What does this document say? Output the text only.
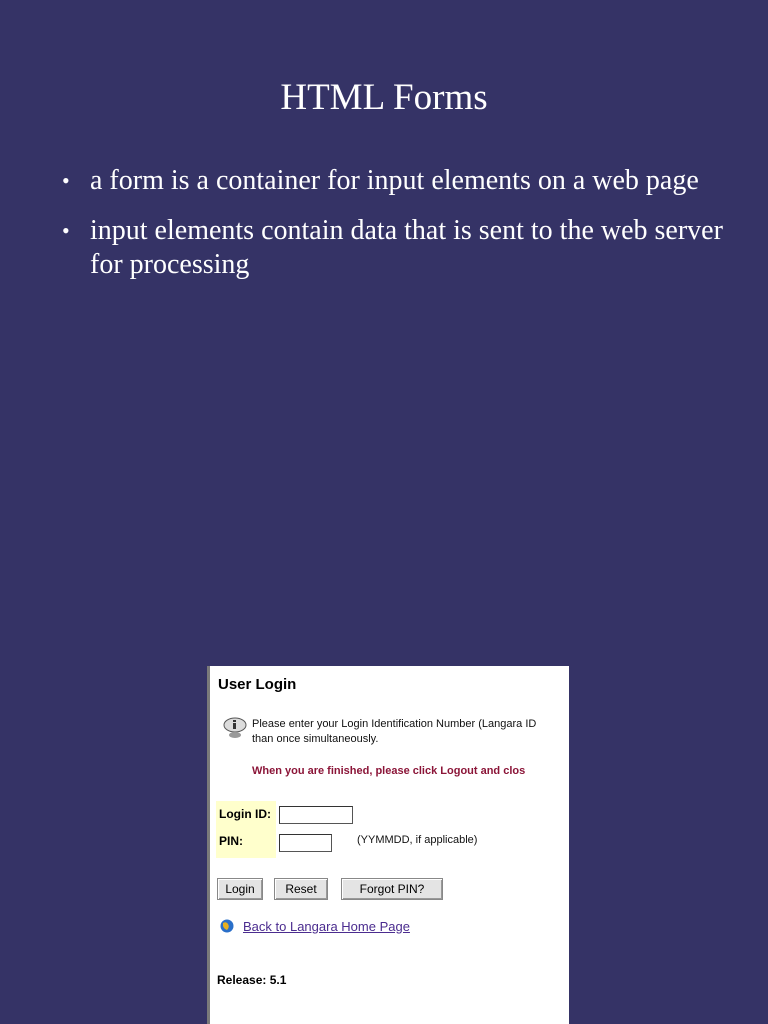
HTML Forms
• a form is a container for input elements on a web page
• input elements contain data that is sent to the web server for processing
User Login
Please enter your Login Identification Number (Langara ID
than once simultaneously.
When you are finished, please click Logout and clos
Login ID:
PIN:	(YYMMDD, if applicable)
Login	Reset	Forgot PIN?
Back to Langara Home Page
Release: 5.1
